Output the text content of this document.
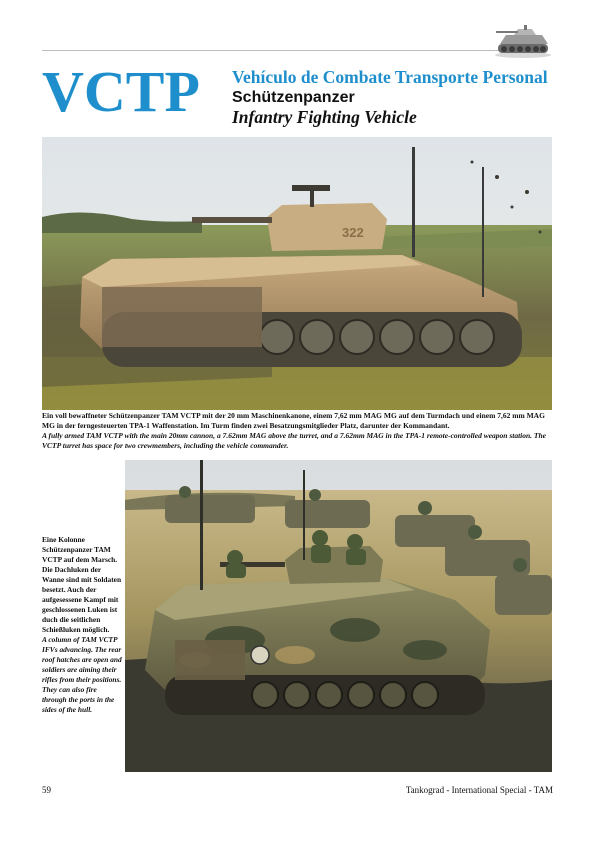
VCTP Vehículo de Combate Transporte Personal
Schützenpanzer
Infantry Fighting Vehicle
322
Ein voll bewaffneter Schützenpanzer TAM VCTP mit der 20 mm Maschinenkanone, einem 7,62 mm MAG MG auf dem Turmdach und einem 7,62 mm MAG MG in der ferngesteuerten TPA-1 Waffenstation. Im Turm finden zwei Besatzungsmitglieder Platz, darunter der Kommandant.
A fully armed TAM VCTP with the main 20mm cannon, a 7.62mm MAG above the turret, and a 7.62mm MAG in the TPA-1 remote-controlled weapon station. The VCTP turret has space for two crewmembers, including the vehicle commander.
Eine Kolonne Schützenpanzer TAM VCTP auf dem Marsch. Die Dachluken der Wanne sind mit Soldaten besetzt. Auch der aufgesessene Kampf mit geschlossenen Luken ist duch die seitlichen Schießluken möglich.
A column of TAM VCTP IFVs advancing. The rear roof hatches are open and soldiers are aiming their rifles from their positions. They can also fire through the ports in the sides of the hull.
59	Tankograd - International Special - TAM
